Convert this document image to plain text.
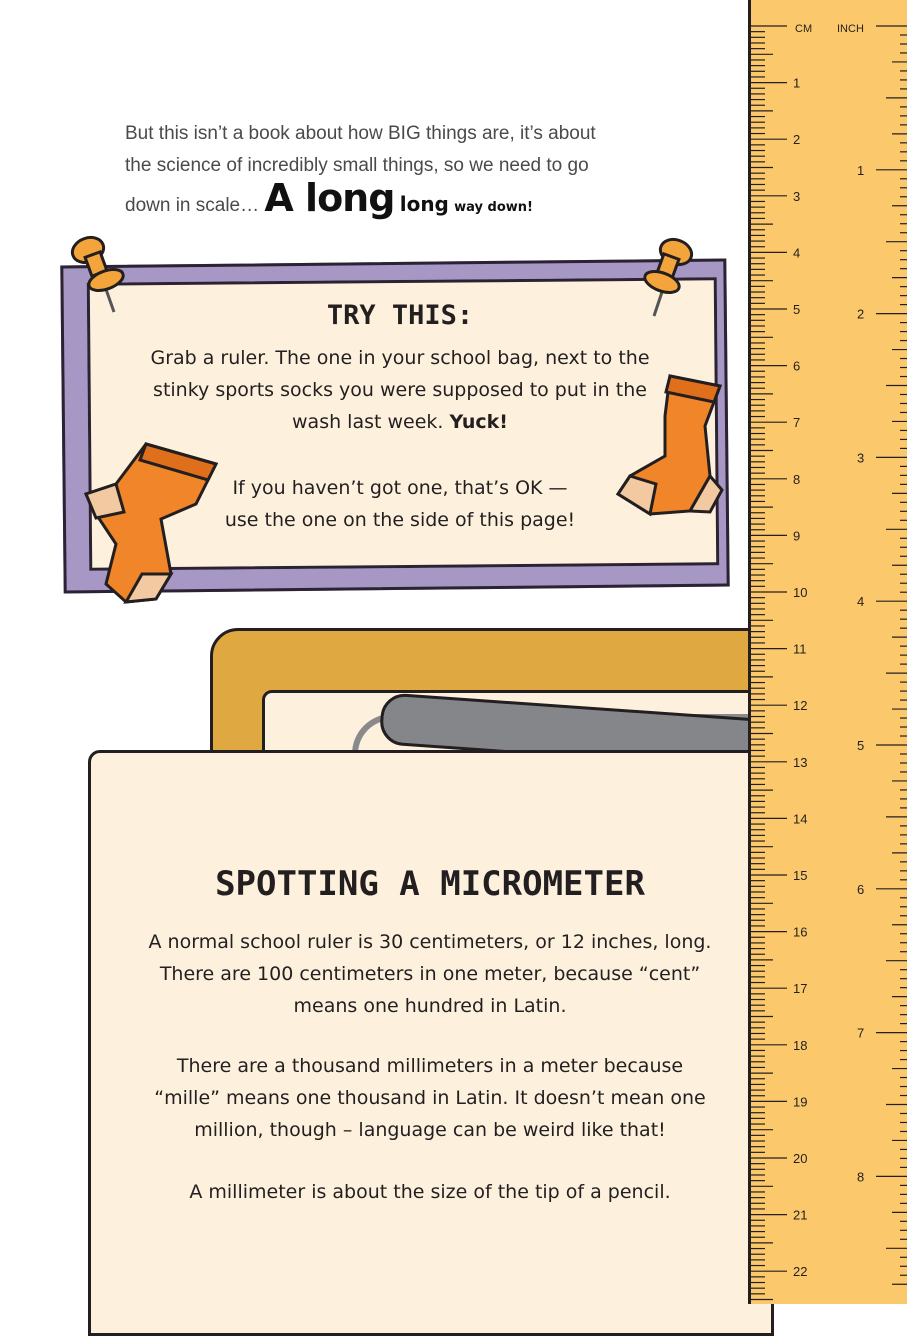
But this isn’t a book about how BIG things are, it’s about
the science of incredibly small things, so we need to go
down in scale… A long long way down!

TRY THIS:

Grab a ruler. The one in your school bag, next to the
stinky sports socks you were supposed to put in the
wash last week. Yuck!

If you haven’t got one, that’s OK —
use the one on the side of this page!

SPOTTING A MICROMETER

A normal school ruler is 30 centimeters, or 12 inches, long.
There are 100 centimeters in one meter, because “cent”
means one hundred in Latin.

There are a thousand millimeters in a meter because
“mille” means one thousand in Latin. It doesn’t mean one
million, though – language can be weird like that!

A millimeter is about the size of the tip of a pencil.

CM INCH
1
2
3
4
5
6
7
8
9
10
11
12
13
14
15
16
17
18
19
20
21
22
1
2
3
4
5
6
7
8
